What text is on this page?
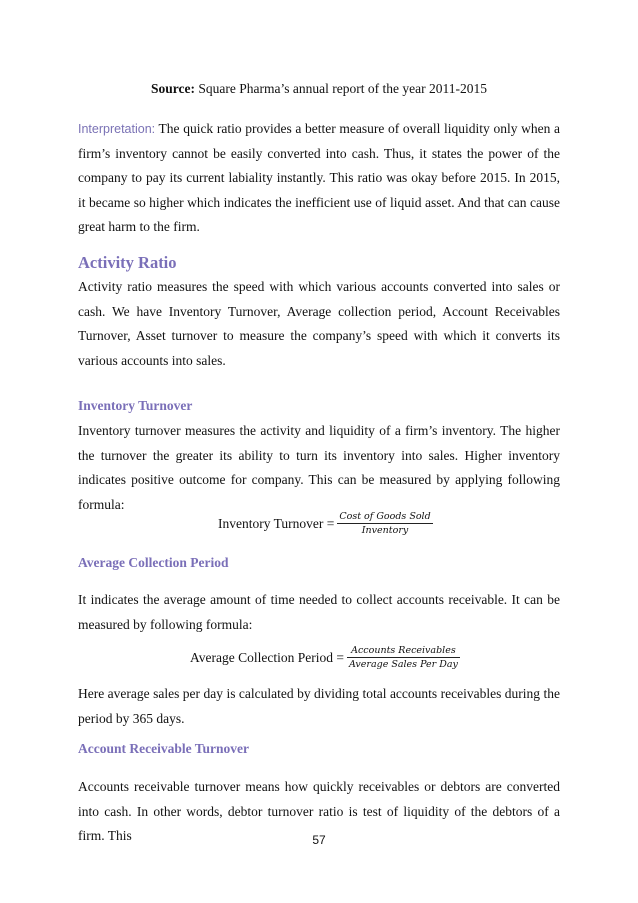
Source: Square Pharma’s annual report of the year 2011-2015
Interpretation: The quick ratio provides a better measure of overall liquidity only when a firm’s inventory cannot be easily converted into cash. Thus, it states the power of the company to pay its current labiality instantly. This ratio was okay before 2015. In 2015, it became so higher which indicates the inefficient use of liquid asset. And that can cause great harm to the firm.
Activity Ratio
Activity ratio measures the speed with which various accounts converted into sales or cash. We have Inventory Turnover, Average collection period, Account Receivables Turnover, Asset turnover to measure the company’s speed with which it converts its various accounts into sales.
Inventory Turnover
Inventory turnover measures the activity and liquidity of a firm’s inventory. The higher the turnover the greater its ability to turn its inventory into sales. Higher inventory indicates positive outcome for company. This can be measured by applying following formula:
Inventory Turnover = $\frac{\text{Cost of Goods Sold}}{\text{Inventory}}$
Average Collection Period
It indicates the average amount of time needed to collect accounts receivable. It can be measured by following formula:
Average Collection Period = $\frac{\text{Accounts Receivables}}{\text{Average Sales Per Day}}$
Here average sales per day is calculated by dividing total accounts receivables during the period by 365 days.
Account Receivable Turnover
Accounts receivable turnover means how quickly receivables or debtors are converted into cash. In other words, debtor turnover ratio is test of liquidity of the debtors of a firm. This	57
